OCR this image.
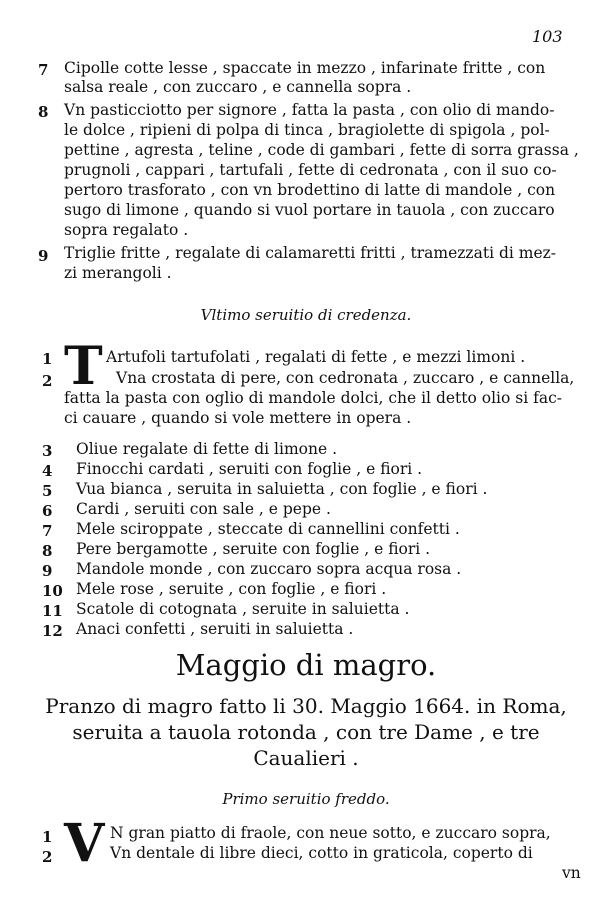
103
7	Cipolle cotte lesse , spaccate in mezzo , infarinate fritte , con
salsa reale , con zuccaro , e cannella sopra .
8	Vn pasticciotto per signore , fatta la pasta , con olio di mando-
le dolce , ripieni di polpa di tinca , bragiolette di spigola , pol-
pettine , agresta , teline , code di gambari , fette di sorra grassa ,
prugnoli , cappari , tartufali , fette di cedronata , con il suo co-
pertoro trasforato , con vn brodettino di latte di mandole , con
sugo di limone , quando si vuol portare in tauola , con zuccaro
sopra regalato .
9	Triglie fritte , regalate di calamaretti fritti , tramezzati di mez-
zi merangoli .
Vltimo seruitio di credenza.
1 T Artufoli tartufolati , regalati di fette , e mezzi limoni .
2	Vna crostata di pere, con cedronata , zuccaro , e cannella,
fatta la pasta con oglio di mandole dolci, che il detto olio si fac-
ci cauare , quando si vole mettere in opera .
3	Oliue regalate di fette di limone .
4	Finocchi cardati , seruiti con foglie , e fiori .
5	Vua bianca , seruita in saluietta , con foglie , e fiori .
6	Cardi , seruiti con sale , e pepe .
7	Mele sciroppate , steccate di cannellini confetti .
8	Pere bergamotte , seruite con foglie , e fiori .
9	Mandole monde , con zuccaro sopra acqua rosa .
10 Mele rose , seruite , con foglie , e fiori .
11 Scatole di cotognata , seruite in saluietta .
12 Anaci confetti , seruiti in saluietta .
Maggio di magro.
Pranzo di magro fatto li 30. Maggio 1664. in Roma,
seruita a tauola rotonda , con tre Dame , e tre
Caualieri .
Primo seruitio freddo.
1 V N gran piatto di fraole, con neue sotto, e zuccaro sopra,
2	Vn dentale di libre dieci, cotto in graticola, coperto di
vn
